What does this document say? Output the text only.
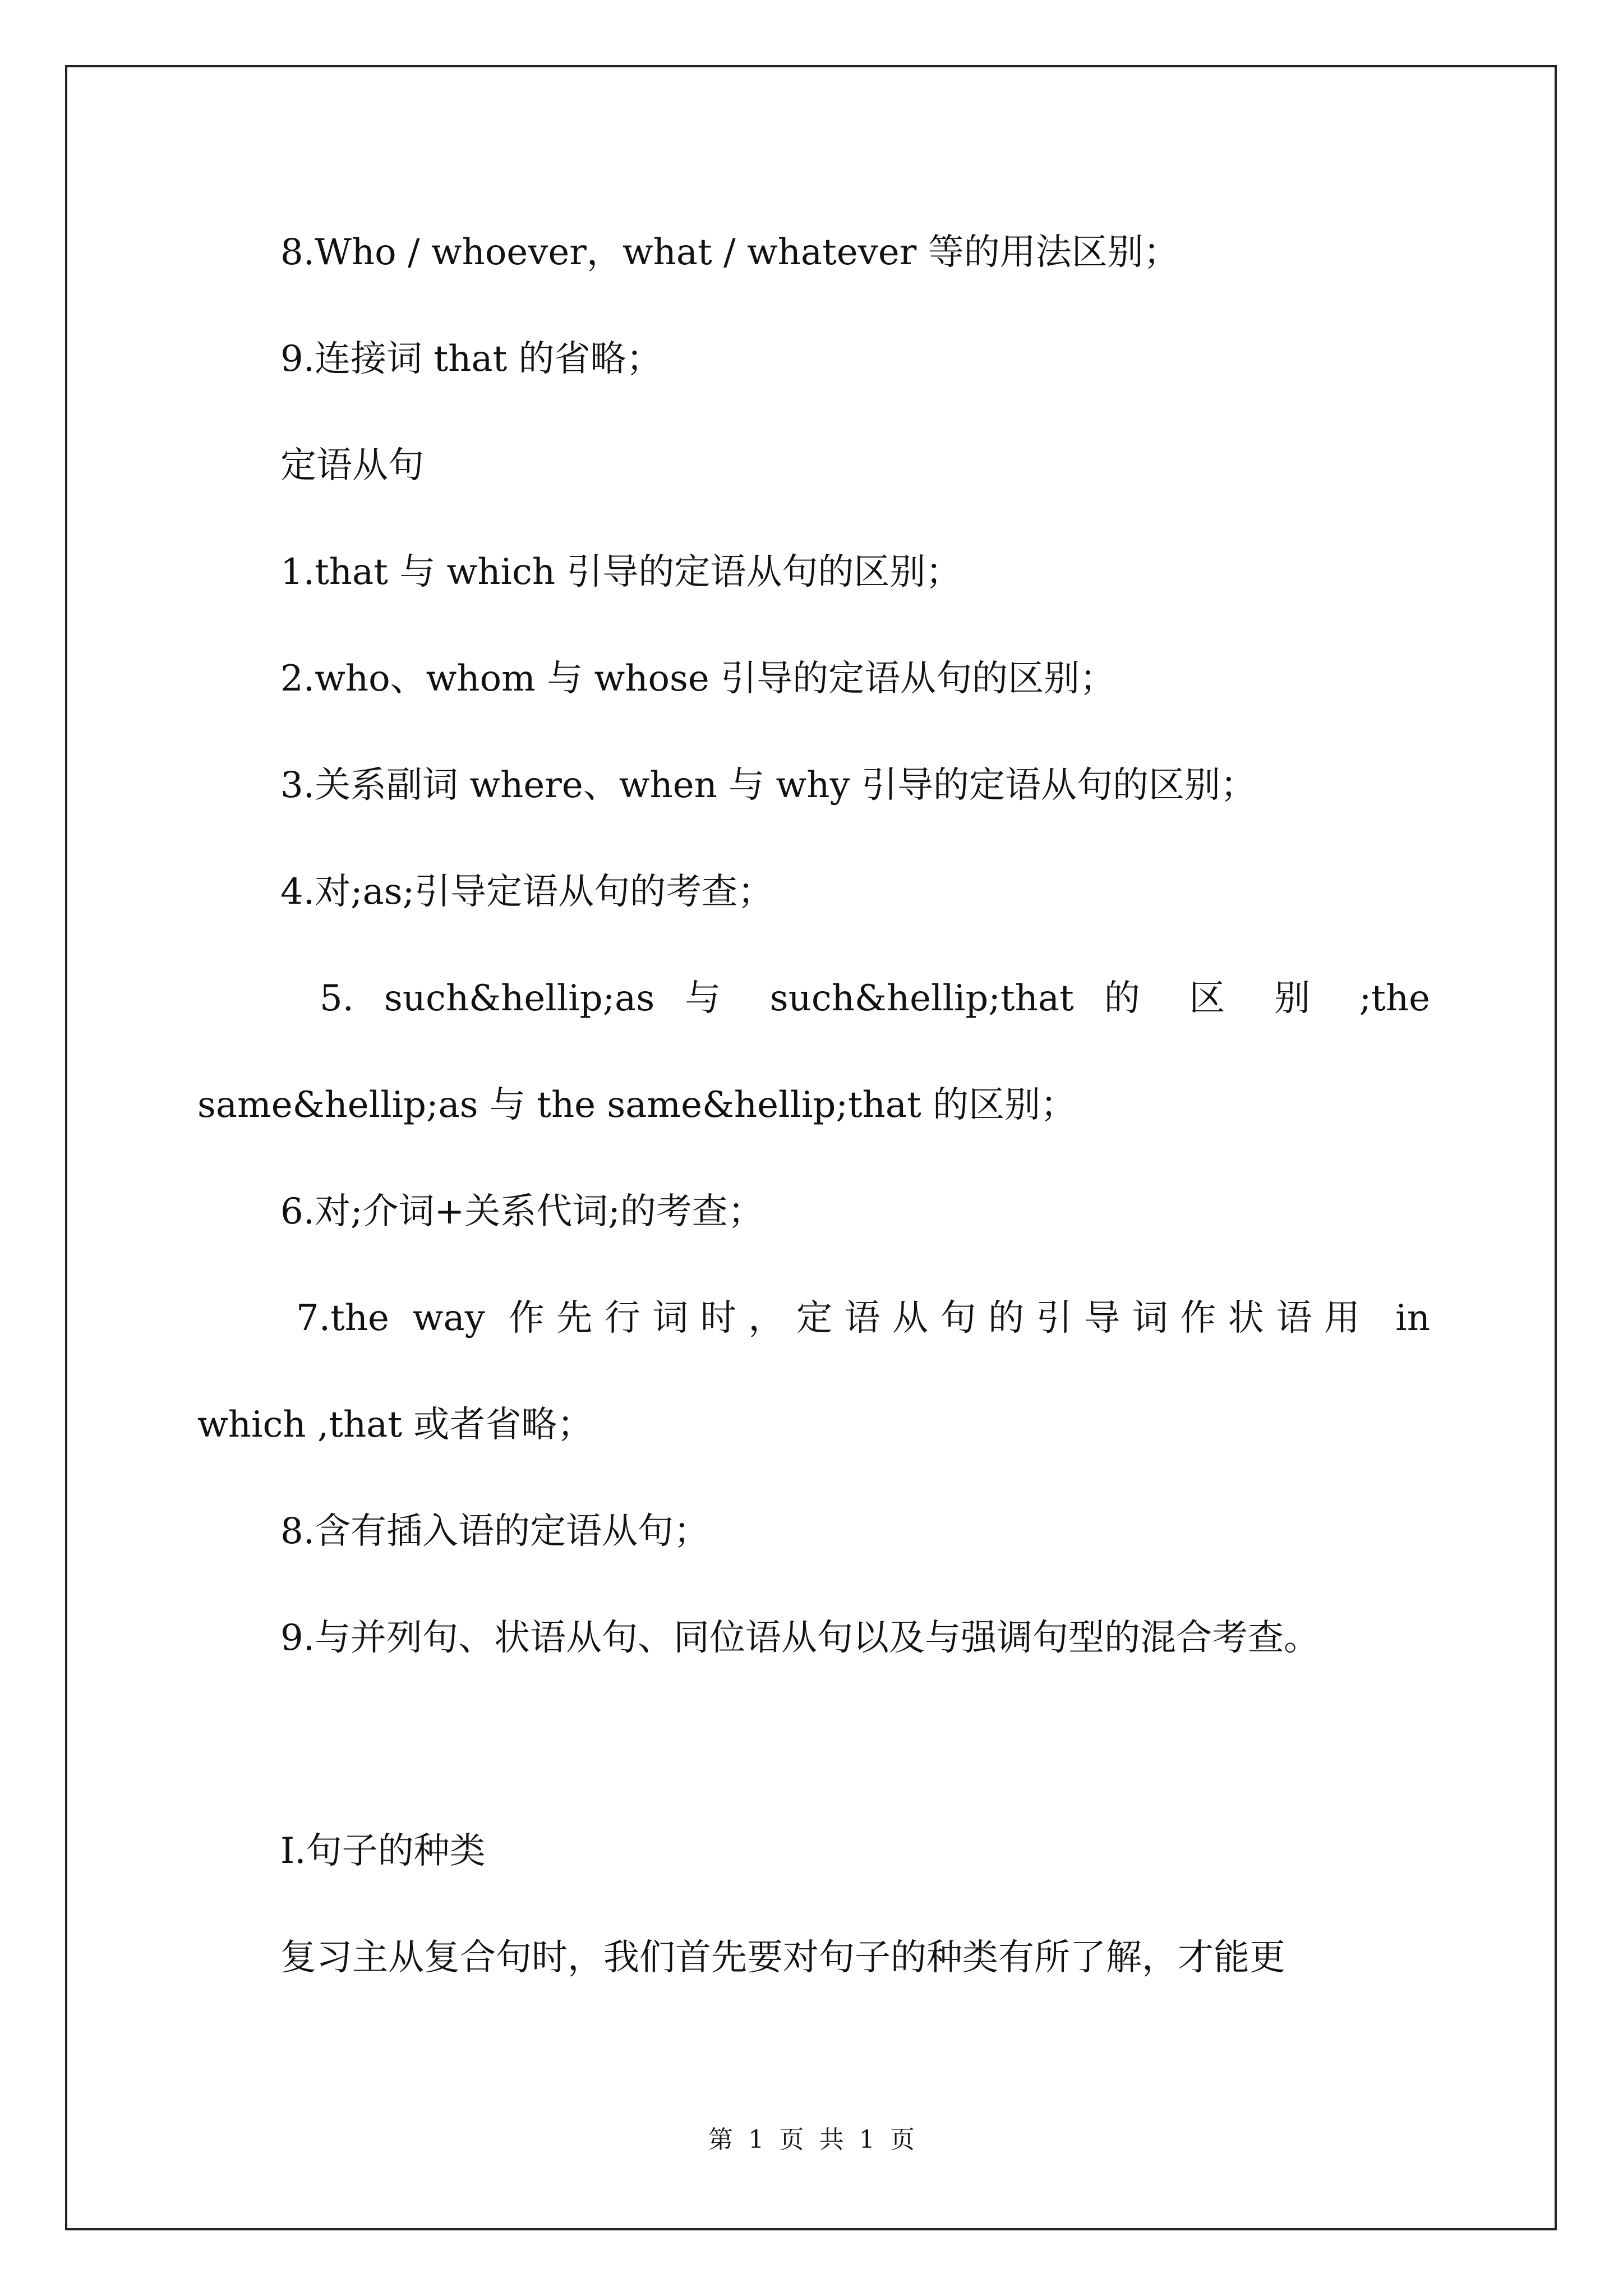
8.Who / whoever，what / whatever 等的用法区别；
9.连接词 that 的省略；
定语从句
1.that 与 which 引导的定语从句的区别；
2.who、whom 与 whose 引导的定语从句的区别；
3.关系副词 where、when 与 why 引导的定语从句的区别；
4.对;as;引导定语从句的考查；
5. such&hellip;as 与 such&hellip;that 的 区 别 ;the
same&hellip;as 与 the same&hellip;that 的区别；
6.对;介词+关系代词;的考查；
7.the way 作先行词时，定语从句的引导词作状语用 in
which ,that 或者省略；
8.含有插入语的定语从句；
9.与并列句、状语从句、同位语从句以及与强调句型的混合考查。
I.句子的种类
复习主从复合句时，我们首先要对句子的种类有所了解，才能更
第 1 页 共 1 页
